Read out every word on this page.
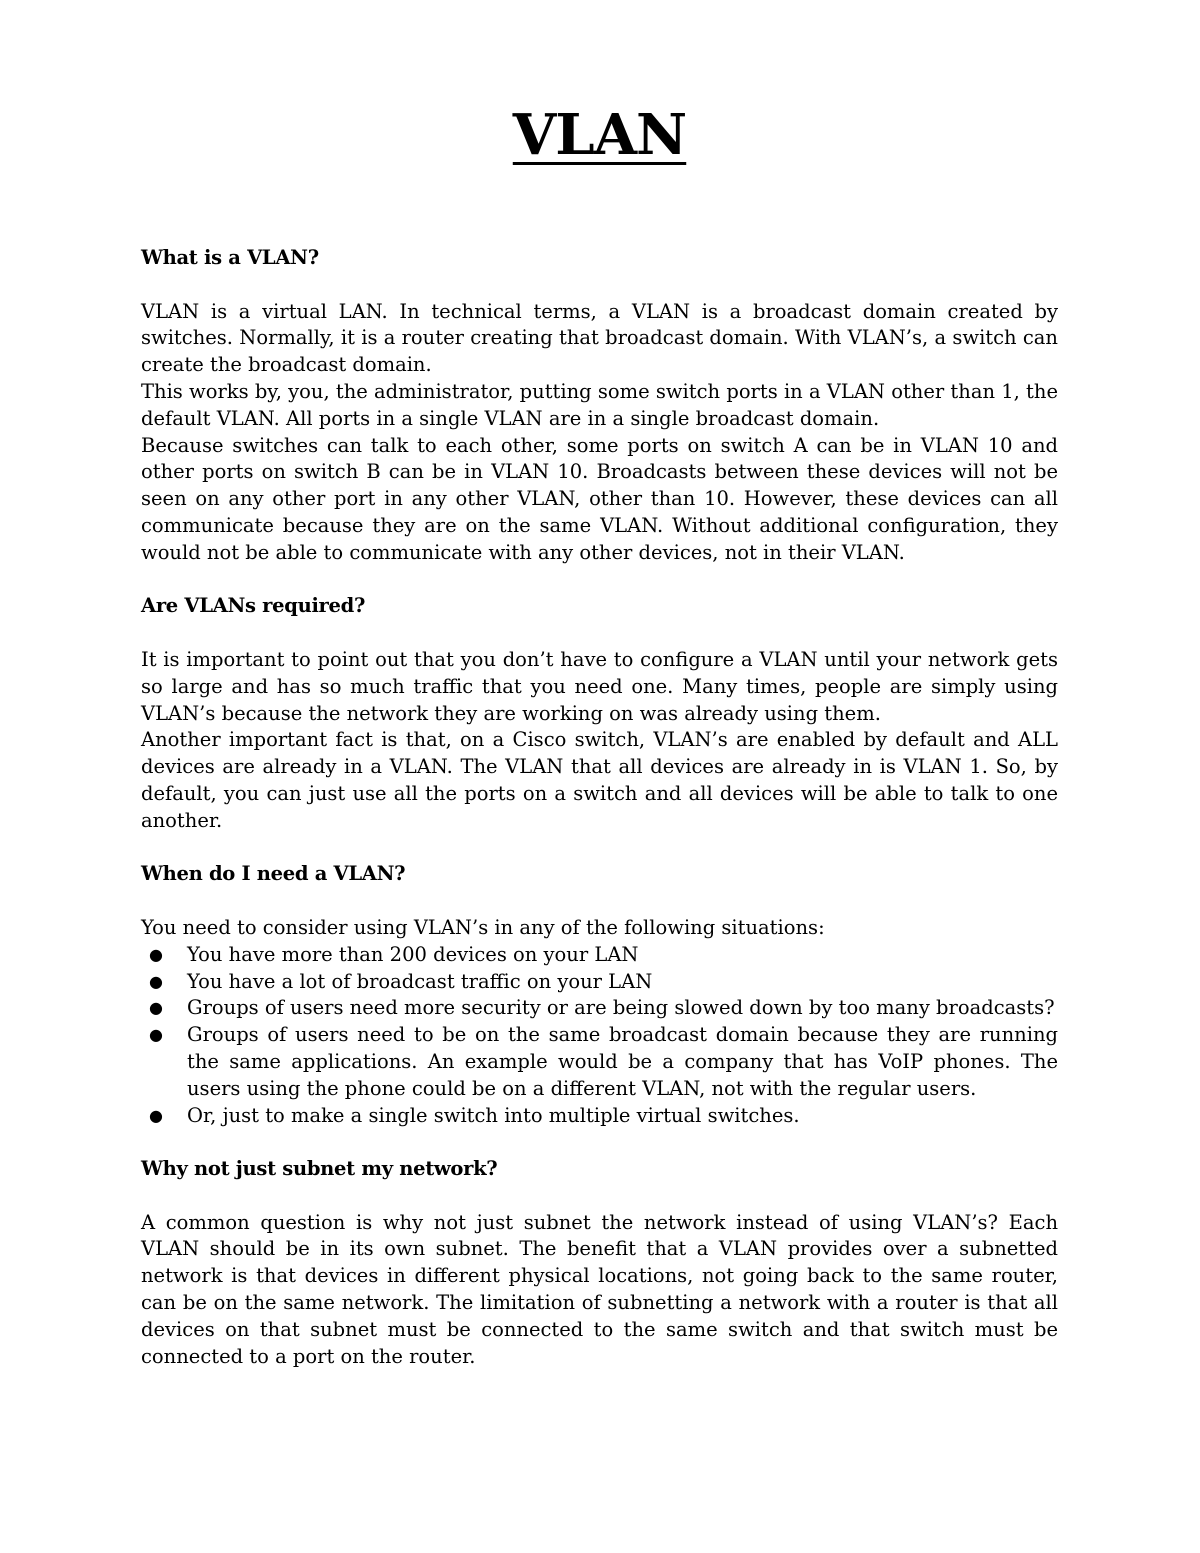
VLAN
What is a VLAN?

VLAN is a virtual LAN. In technical terms, a VLAN is a broadcast domain created by switches. Normally, it is a router creating that broadcast domain. With VLAN’s, a switch can create the broadcast domain.

This works by, you, the administrator, putting some switch ports in a VLAN other than 1, the default VLAN. All ports in a single VLAN are in a single broadcast domain.

Because switches can talk to each other, some ports on switch A can be in VLAN 10 and other ports on switch B can be in VLAN 10. Broadcasts between these devices will not be seen on any other port in any other VLAN, other than 10. However, these devices can all communicate because they are on the same VLAN. Without additional configuration, they would not be able to communicate with any other devices, not in their VLAN.

Are VLANs required?

It is important to point out that you don’t have to configure a VLAN until your network gets so large and has so much traffic that you need one. Many times, people are simply using VLAN’s because the network they are working on was already using them.

Another important fact is that, on a Cisco switch, VLAN’s are enabled by default and ALL devices are already in a VLAN. The VLAN that all devices are already in is VLAN 1. So, by default, you can just use all the ports on a switch and all devices will be able to talk to one another.

When do I need a VLAN?

You need to consider using VLAN’s in any of the following situations:

● You have more than 200 devices on your LAN
● You have a lot of broadcast traffic on your LAN
● Groups of users need more security or are being slowed down by too many broadcasts?
● Groups of users need to be on the same broadcast domain because they are running the same applications. An example would be a company that has VoIP phones. The users using the phone could be on a different VLAN, not with the regular users.
● Or, just to make a single switch into multiple virtual switches.
Why not just subnet my network?

A common question is why not just subnet the network instead of using VLAN’s? Each VLAN should be in its own subnet. The benefit that a VLAN provides over a subnetted network is that devices in different physical locations, not going back to the same router, can be on the same network. The limitation of subnetting a network with a router is that all devices on that subnet must be connected to the same switch and that switch must be connected to a port on the router.
